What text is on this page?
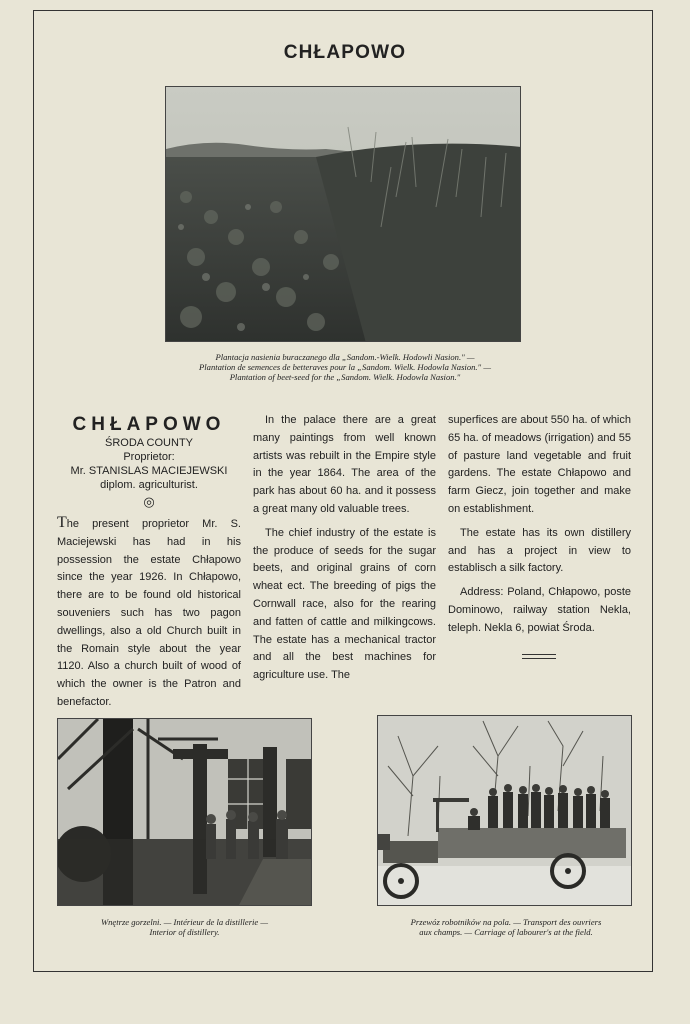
CHŁAPOWO
Plantacja nasienia buraczanego dla „Sandom.-Wielk. Hodowli Nasion." —
Plantation de semences de betteraves pour la „Sandom. Wielk. Hodowla Nasion." —
Plantation of beet-seed for the „Sandom. Wielk. Hodowla Nasion."
CHŁAPOWO
ŚRODA COUNTY
Proprietor:
Mr. STANISLAS MACIEJEWSKI
diplom. agriculturist.
◎

The present proprietor Mr. S. Maciejewski has had in his possession the estate Chłapowo since the year 1926. In Chłapowo, there are to be found old historical souveniers such has two pagon dwellings, also a old Church built in the Romain style about the year 1120. Also a church built of wood of which the owner is the Patron and benefactor.

In the palace there are a great many paintings from well known artists was rebuilt in the Empire style in the year 1864. The area of the park has about 60 ha. and it possess a great many old valuable trees.

The chief industry of the estate is the produce of seeds for the sugar beets, and original grains of corn wheat ect. The breeding of pigs the Cornwall race, also for the rearing and fatten of cattle and milkingcows. The estate has a mechanical tractor and all the best machines for agriculture use. The

superfices are about 550 ha. of which 65 ha. of meadows (irrigation) and 55 of pasture land vegetable and fruit gardens. The estate Chłapowo and farm Giecz, join together and make on establishment.

The estate has its own distillery and has a project in view to establisch a silk factory.

Address: Poland, Chłapowo, poste Dominowo, railway station Nekla, teleph. Nekla 6, powiat Środa.

Wnętrze gorzelni. — Intérieur de la distillerie —
Interior of distillery.
Przewóz robotników na pola. — Transport des ouvriers
aux champs. — Carriage of labourer's at the field.
